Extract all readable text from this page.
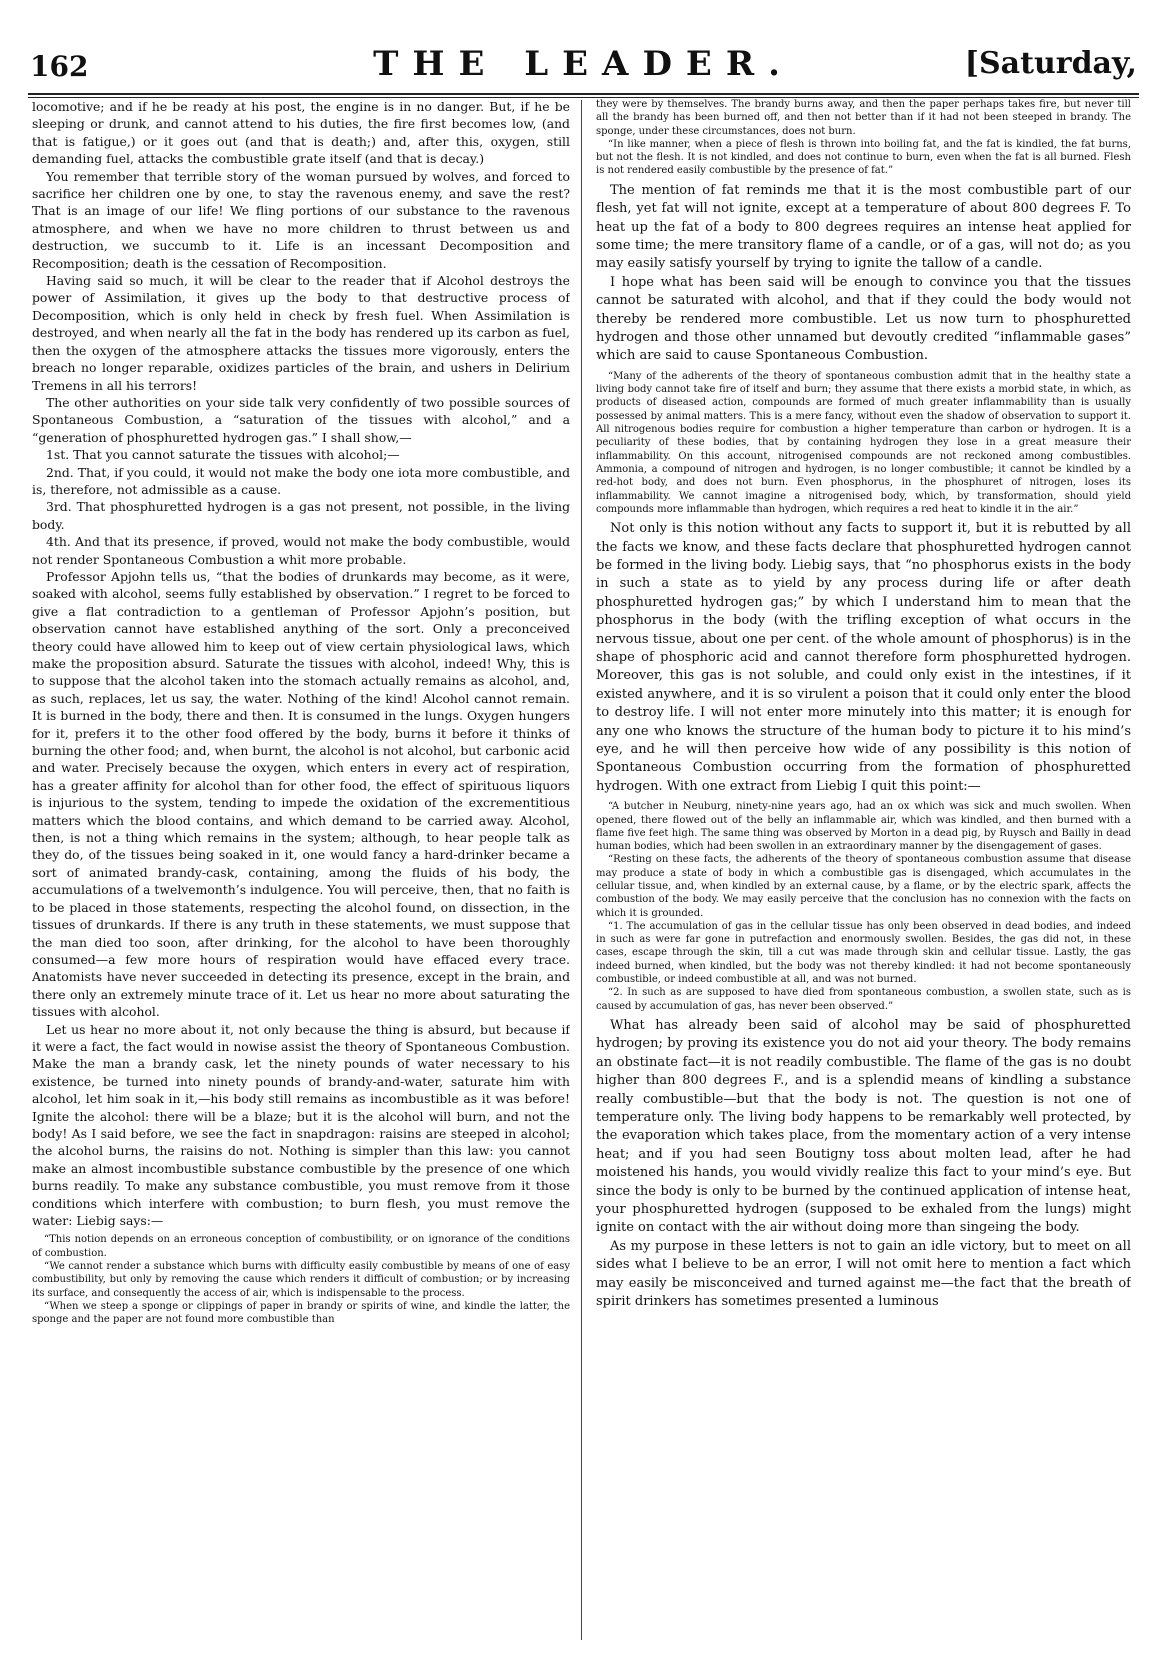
162	THE LEADER.	[Saturday,

locomotive; and if he be ready at his post, the engine is in no danger. But, if he be sleeping or drunk, and cannot attend to his duties, the fire first becomes low, (and that is fatigue,) or it goes out (and that is death;) and, after this, oxygen, still demanding fuel, attacks the combustible grate itself (and that is decay.)

You remember that terrible story of the woman pursued by wolves, and forced to sacrifice her children one by one, to stay the ravenous enemy, and save the rest? That is an image of our life! We fling portions of our substance to the ravenous atmosphere, and when we have no more children to thrust between us and destruction, we succumb to it. Life is an incessant Decomposition and Recomposition; death is the cessation of Recomposition.

Having said so much, it will be clear to the reader that if Alcohol destroys the power of Assimilation, it gives up the body to that destructive process of Decomposition, which is only held in check by fresh fuel. When Assimilation is destroyed, and when nearly all the fat in the body has rendered up its carbon as fuel, then the oxygen of the atmosphere attacks the tissues more vigorously, enters the breach no longer reparable, oxidizes particles of the brain, and ushers in Delirium Tremens in all his terrors!

The other authorities on your side talk very confidently of two possible sources of Spontaneous Combustion, a “saturation of the tissues with alcohol,” and a “generation of phosphuretted hydrogen gas.” I shall show,—

1st. That you cannot saturate the tissues with alcohol;—

2nd. That, if you could, it would not make the body one iota more combustible, and is, therefore, not admissible as a cause.

3rd. That phosphuretted hydrogen is a gas not present, not possible, in the living body.

4th. And that its presence, if proved, would not make the body combustible, would not render Spontaneous Combustion a whit more probable.

Professor Apjohn tells us, “that the bodies of drunkards may become, as it were, soaked with alcohol, seems fully established by observation.” I regret to be forced to give a flat contradiction to a gentleman of Professor Apjohn’s position, but observation cannot have established anything of the sort. Only a preconceived theory could have allowed him to keep out of view certain physiological laws, which make the proposition absurd. Saturate the tissues with alcohol, indeed! Why, this is to suppose that the alcohol taken into the stomach actually remains as alcohol, and, as such, replaces, let us say, the water. Nothing of the kind! Alcohol cannot remain. It is burned in the body, there and then. It is consumed in the lungs. Oxygen hungers for it, prefers it to the other food offered by the body, burns it before it thinks of burning the other food; and, when burnt, the alcohol is not alcohol, but carbonic acid and water. Precisely because the oxygen, which enters in every act of respiration, has a greater affinity for alcohol than for other food, the effect of spirituous liquors is injurious to the system, tending to impede the oxidation of the excrementitious matters which the blood contains, and which demand to be carried away. Alcohol, then, is not a thing which remains in the system; although, to hear people talk as they do, of the tissues being soaked in it, one would fancy a hard-drinker became a sort of animated brandy-cask, containing, among the fluids of his body, the accumulations of a twelvemonth’s indulgence. You will perceive, then, that no faith is to be placed in those statements, respecting the alcohol found, on dissection, in the tissues of drunkards. If there is any truth in these statements, we must suppose that the man died too soon, after drinking, for the alcohol to have been thoroughly consumed—a few more hours of respiration would have effaced every trace. Anatomists have never succeeded in detecting its presence, except in the brain, and there only an extremely minute trace of it. Let us hear no more about saturating the tissues with alcohol.

Let us hear no more about it, not only because the thing is absurd, but because if it were a fact, the fact would in nowise assist the theory of Spontaneous Combustion. Make the man a brandy cask, let the ninety pounds of water necessary to his existence, be turned into ninety pounds of brandy-and-water, saturate him with alcohol, let him soak in it,—his body still remains as incombustible as it was before! Ignite the alcohol: there will be a blaze; but it is the alcohol will burn, and not the body! As I said before, we see the fact in snapdragon: raisins are steeped in alcohol; the alcohol burns, the raisins do not. Nothing is simpler than this law: you cannot make an almost incombustible substance combustible by the presence of one which burns readily. To make any substance combustible, you must remove from it those conditions which interfere with combustion; to burn flesh, you must remove the water: Liebig says:—

“This notion depends on an erroneous conception of combustibility, or on ignorance of the conditions of combustion.

“We cannot render a substance which burns with difficulty easily combustible by means of one of easy combustibility, but only by removing the cause which renders it difficult of combustion; or by increasing its surface, and consequently the access of air, which is indispensable to the process.

“When we steep a sponge or clippings of paper in brandy or spirits of wine, and kindle the latter, the sponge and the paper are not found more combustible than

they were by themselves. The brandy burns away, and then the paper perhaps takes fire, but never till all the brandy has been burned off, and then not better than if it had not been steeped in brandy. The sponge, under these circumstances, does not burn.

“In like manner, when a piece of flesh is thrown into boiling fat, and the fat is kindled, the fat burns, but not the flesh. It is not kindled, and does not continue to burn, even when the fat is all burned. Flesh is not rendered easily combustible by the presence of fat.”

The mention of fat reminds me that it is the most combustible part of our flesh, yet fat will not ignite, except at a temperature of about 800 degrees F. To heat up the fat of a body to 800 degrees requires an intense heat applied for some time; the mere transitory flame of a candle, or of a gas, will not do; as you may easily satisfy yourself by trying to ignite the tallow of a candle.

I hope what has been said will be enough to convince you that the tissues cannot be saturated with alcohol, and that if they could the body would not thereby be rendered more combustible. Let us now turn to phosphuretted hydrogen and those other unnamed but devoutly credited “inflammable gases” which are said to cause Spontaneous Combustion.

“Many of the adherents of the theory of spontaneous combustion admit that in the healthy state a living body cannot take fire of itself and burn; they assume that there exists a morbid state, in which, as products of diseased action, compounds are formed of much greater inflammability than is usually possessed by animal matters. This is a mere fancy, without even the shadow of observation to support it. All nitrogenous bodies require for combustion a higher temperature than carbon or hydrogen. It is a peculiarity of these bodies, that by containing hydrogen they lose in a great measure their inflammability. On this account, nitrogenised compounds are not reckoned among combustibles. Ammonia, a compound of nitrogen and hydrogen, is no longer combustible; it cannot be kindled by a red-hot body, and does not burn. Even phosphorus, in the phosphuret of nitrogen, loses its inflammability. We cannot imagine a nitrogenised body, which, by transformation, should yield compounds more inflammable than hydrogen, which requires a red heat to kindle it in the air.”

Not only is this notion without any facts to support it, but it is rebutted by all the facts we know, and these facts declare that phosphuretted hydrogen cannot be formed in the living body. Liebig says, that “no phosphorus exists in the body in such a state as to yield by any process during life or after death phosphuretted hydrogen gas;” by which I understand him to mean that the phosphorus in the body (with the trifling exception of what occurs in the nervous tissue, about one per cent. of the whole amount of phosphorus) is in the shape of phosphoric acid and cannot therefore form phosphuretted hydrogen. Moreover, this gas is not soluble, and could only exist in the intestines, if it existed anywhere, and it is so virulent a poison that it could only enter the blood to destroy life. I will not enter more minutely into this matter; it is enough for any one who knows the structure of the human body to picture it to his mind’s eye, and he will then perceive how wide of any possibility is this notion of Spontaneous Combustion occurring from the formation of phosphuretted hydrogen. With one extract from Liebig I quit this point:—

“A butcher in Neuburg, ninety-nine years ago, had an ox which was sick and much swollen. When opened, there flowed out of the belly an inflammable air, which was kindled, and then burned with a flame five feet high. The same thing was observed by Morton in a dead pig, by Ruysch and Bailly in dead human bodies, which had been swollen in an extraordinary manner by the disengagement of gases.

“Resting on these facts, the adherents of the theory of spontaneous combustion assume that disease may produce a state of body in which a combustible gas is disengaged, which accumulates in the cellular tissue, and, when kindled by an external cause, by a flame, or by the electric spark, affects the combustion of the body. We may easily perceive that the conclusion has no connexion with the facts on which it is grounded.

“1. The accumulation of gas in the cellular tissue has only been observed in dead bodies, and indeed in such as were far gone in putrefaction and enormously swollen. Besides, the gas did not, in these cases, escape through the skin, till a cut was made through skin and cellular tissue. Lastly, the gas indeed burned, when kindled, but the body was not thereby kindled: it had not become spontaneously combustible, or indeed combustible at all, and was not burned.

“2. In such as are supposed to have died from spontaneous combustion, a swollen state, such as is caused by accumulation of gas, has never been observed.”

What has already been said of alcohol may be said of phosphuretted hydrogen; by proving its existence you do not aid your theory. The body remains an obstinate fact—it is not readily combustible. The flame of the gas is no doubt higher than 800 degrees F., and is a splendid means of kindling a substance really combustible—but that the body is not. The question is not one of temperature only. The living body happens to be remarkably well protected, by the evaporation which takes place, from the momentary action of a very intense heat; and if you had seen Boutigny toss about molten lead, after he had moistened his hands, you would vividly realize this fact to your mind’s eye. But since the body is only to be burned by the continued application of intense heat, your phosphuretted hydrogen (supposed to be exhaled from the lungs) might ignite on contact with the air without doing more than singeing the body.

As my purpose in these letters is not to gain an idle victory, but to meet on all sides what I believe to be an error, I will not omit here to mention a fact which may easily be misconceived and turned against me—the fact that the breath of spirit drinkers has sometimes presented a luminous
